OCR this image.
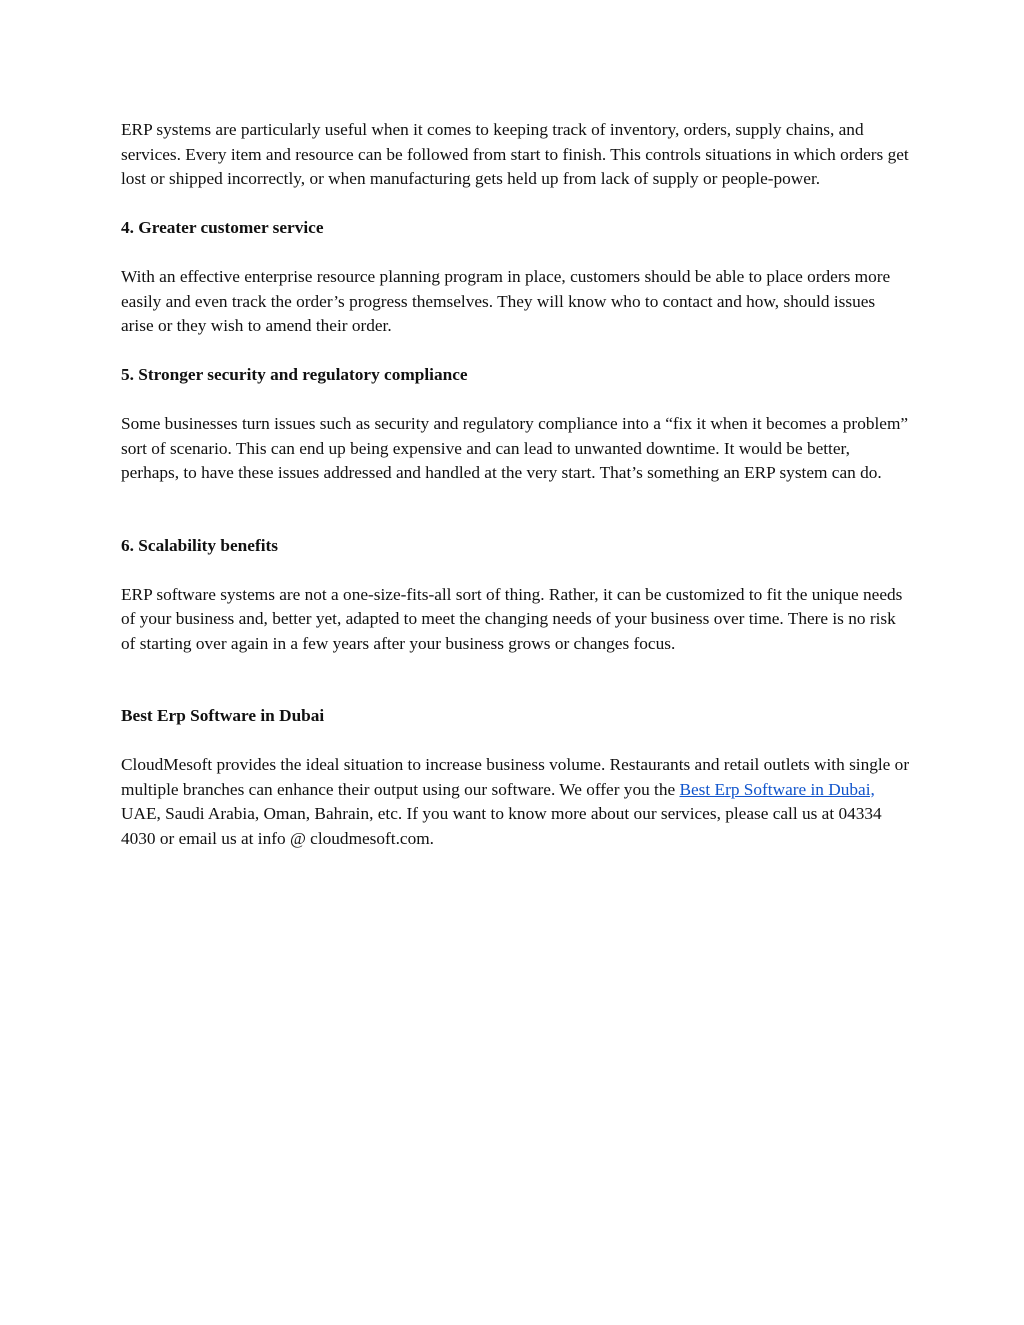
ERP systems are particularly useful when it comes to keeping track of inventory, orders, supply chains, and services. Every item and resource can be followed from start to finish. This controls situations in which orders get lost or shipped incorrectly, or when manufacturing gets held up from lack of supply or people-power.

4. Greater customer service

With an effective enterprise resource planning program in place, customers should be able to place orders more easily and even track the order’s progress themselves. They will know who to contact and how, should issues arise or they wish to amend their order.

5. Stronger security and regulatory compliance

Some businesses turn issues such as security and regulatory compliance into a “fix it when it becomes a problem” sort of scenario. This can end up being expensive and can lead to unwanted downtime. It would be better, perhaps, to have these issues addressed and handled at the very start. That’s something an ERP system can do.

6. Scalability benefits

ERP software systems are not a one-size-fits-all sort of thing. Rather, it can be customized to fit the unique needs of your business and, better yet, adapted to meet the changing needs of your business over time. There is no risk of starting over again in a few years after your business grows or changes focus.

Best Erp Software in Dubai

CloudMesoft provides the ideal situation to increase business volume. Restaurants and retail outlets with single or multiple branches can enhance their output using our software. We offer you the Best Erp Software in Dubai, UAE, Saudi Arabia, Oman, Bahrain, etc. If you want to know more about our services, please call us at 04334 4030 or email us at info @ cloudmesoft.com.
